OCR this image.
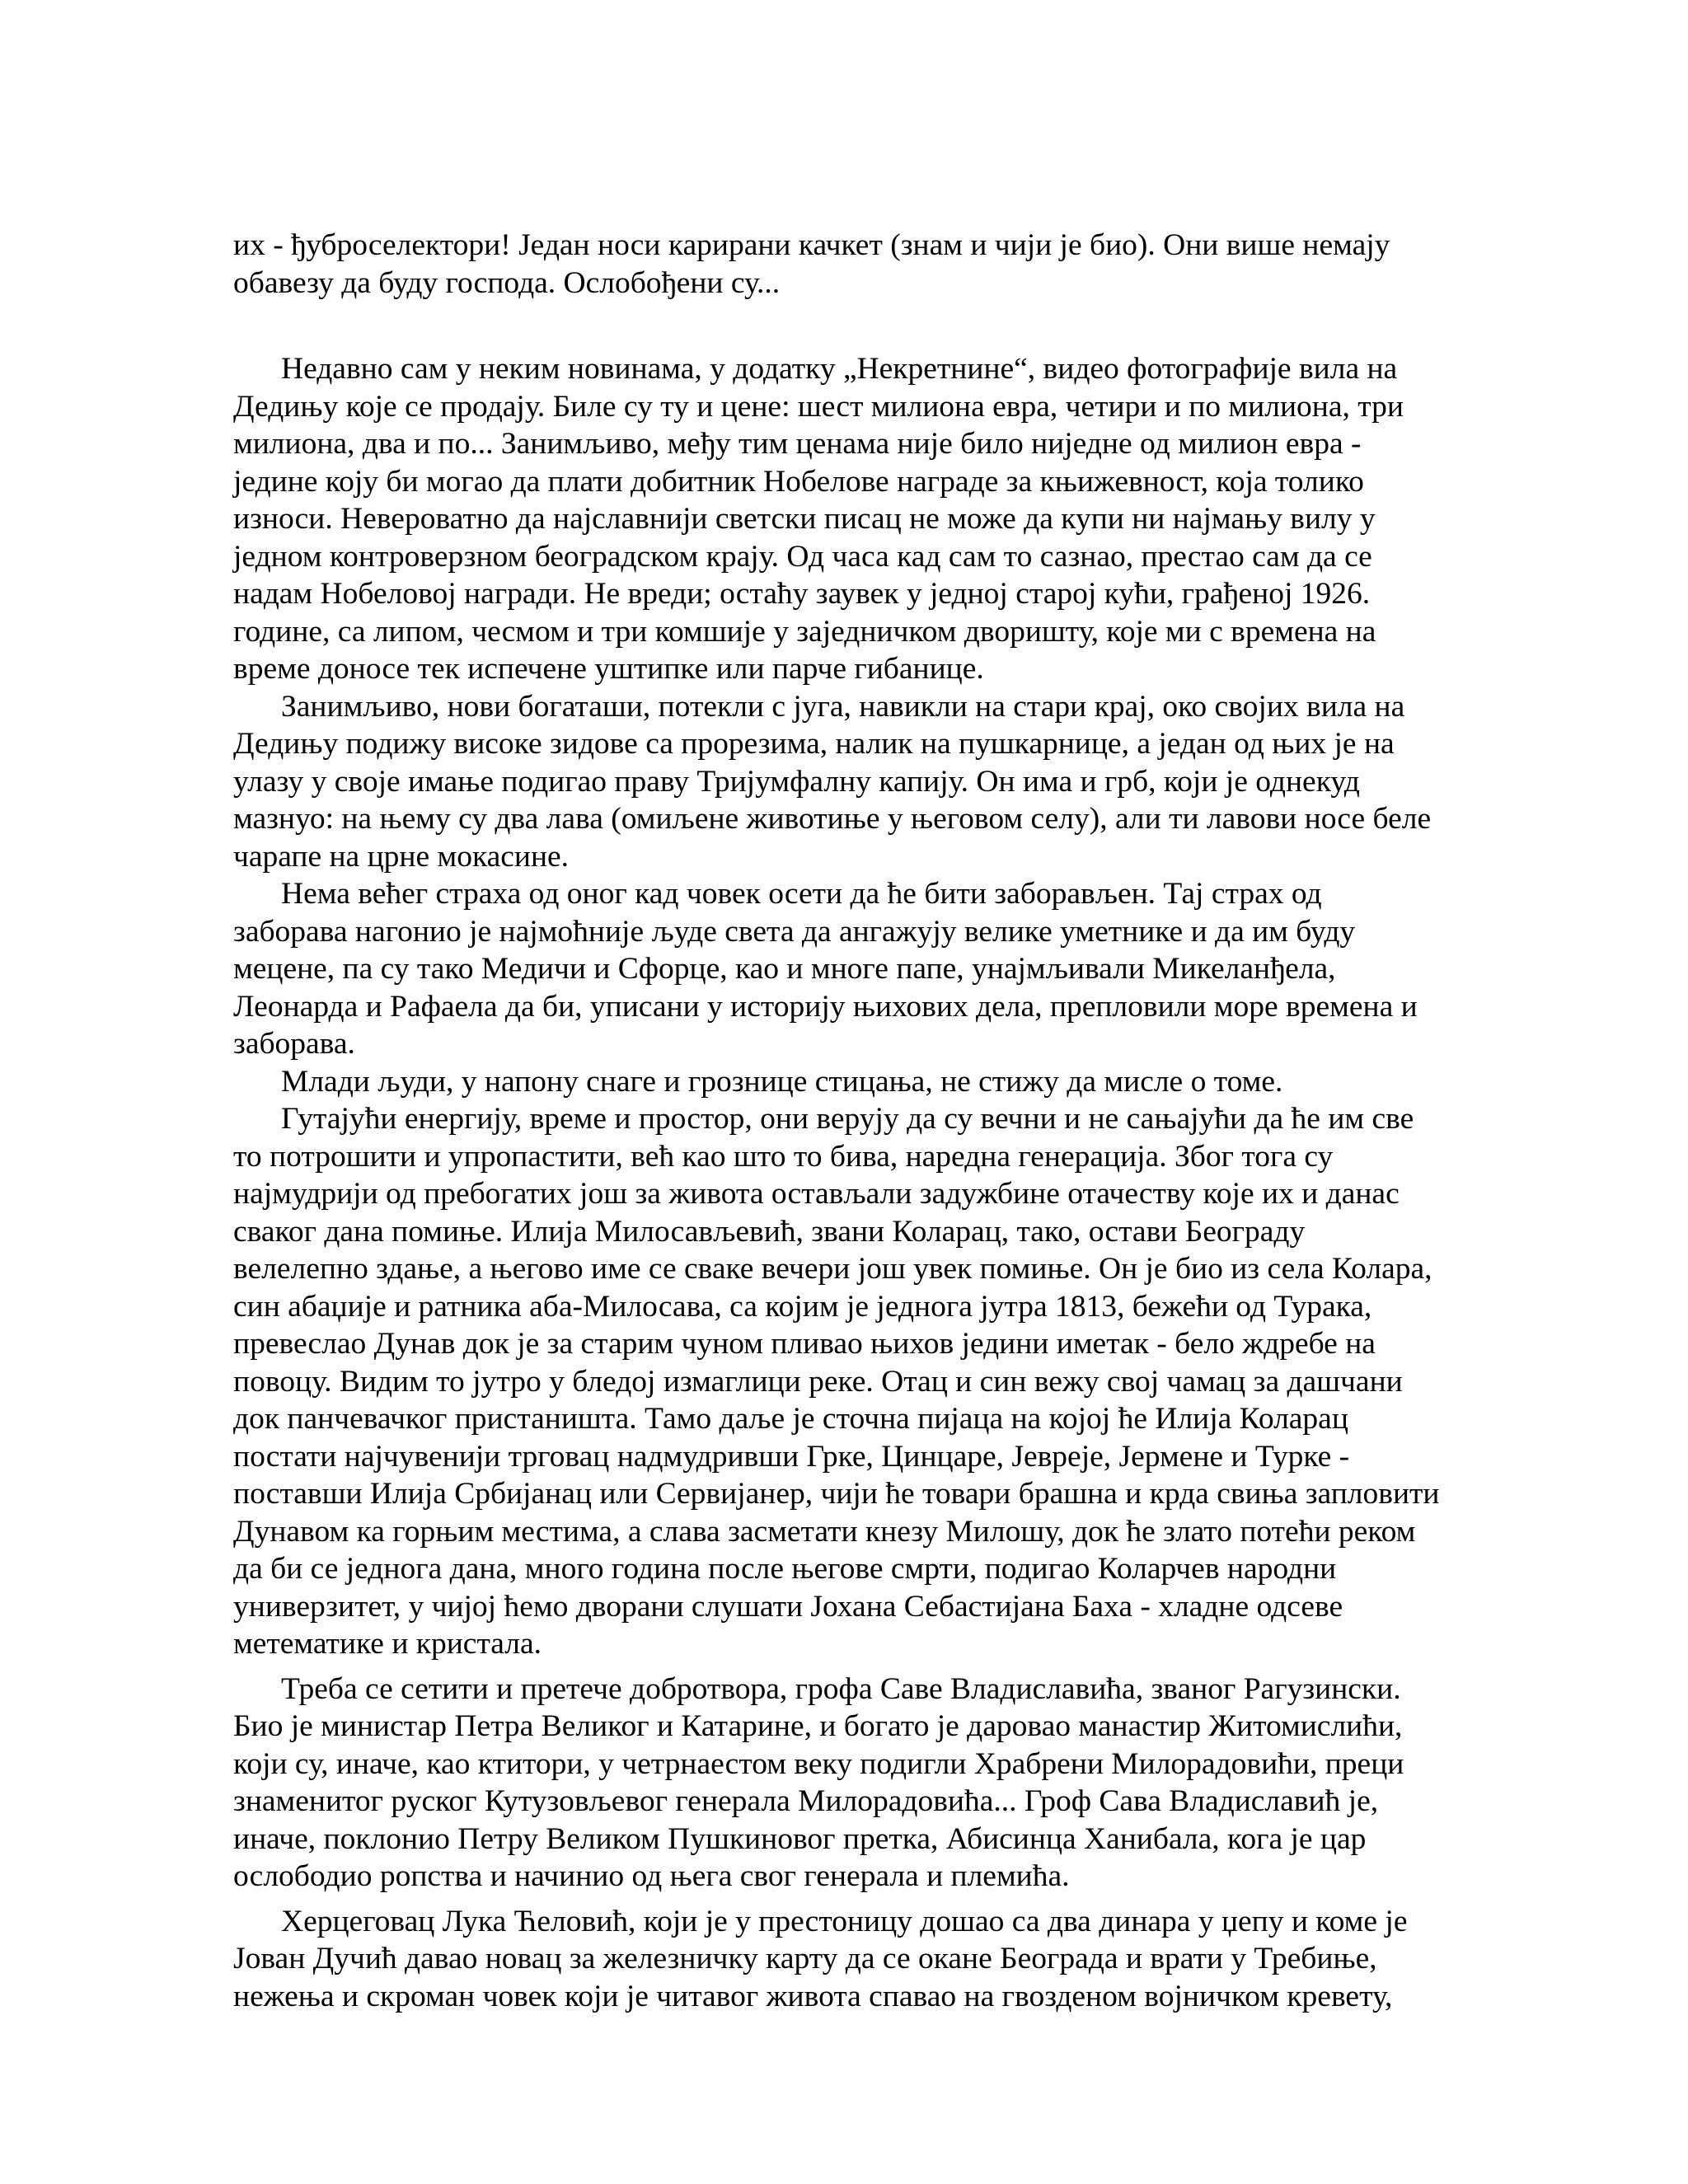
их - ђуброселектори! Један носи карирани качкет (знам и чији је био). Они више немају
обавезу да буду господа. Ослобођени су...

Недавно сам у неким новинама, у додатку „Некретнине“, видео фотографије вила на
Дедињу које се продају. Биле су ту и цене: шест милиона евра, четири и по милиона, три
милиона, два и по... Занимљиво, међу тим ценама није било ниједне од милион евра -
једине коју би могао да плати добитник Нобелове награде за књижевност, која толико
износи. Невероватно да најславнији светски писац не може да купи ни најмању вилу у
једном контроверзном београдском крају. Од часа кад сам то сазнао, престао сам да се
надам Нобеловој награди. Не вреди; остаћу заувек у једној старој кући, грађеној 1926.
године, са липом, чесмом и три комшије у заједничком дворишту, које ми с времена на
време доносе тек испечене уштипке или парче гибанице.

Занимљиво, нови богаташи, потекли с југа, навикли на стари крај, око својих вила на
Дедињу подижу високе зидове са прорезима, налик на пушкарнице, а један од њих је на
улазу у своје имање подигао праву Тријумфалну капију. Он има и грб, који је однекуд
мазнуо: на њему су два лава (омиљене животиње у његовом селу), али ти лавови носе беле
чарапе на црне мокасине.

Нема већег страха од оног кад човек осети да ће бити заборављен. Тај страх од
заборава нагонио је најмоћније људе света да ангажују велике уметнике и да им буду
мецене, па су тако Медичи и Сфорце, као и многе папе, унајмљивали Микеланђела,
Леонарда и Рафаела да би, уписани у историју њихових дела, препловили море времена и
заборава.

Млади људи, у напону снаге и грознице стицања, не стижу да мисле о томе.

Гутајући енергију, време и простор, они верују да су вечни и не сањајући да ће им све
то потрошити и упропастити, већ као што то бива, наредна генерација. Због тога су
најмудрији од пребогатих још за живота остављали задужбине отачеству које их и данас
сваког дана помиње. Илија Милосављевић, звани Коларац, тако, остави Београду
велелепно здање, а његово име се сваке вечери још увек помиње. Он је био из села Колара,
син абаџије и ратника аба-Милосава, са којим је једнога јутра 1813, бежећи од Турака,
превеслао Дунав док је за старим чуном пливао њихов једини иметак - бело ждребе на
повоцу. Видим то јутро у бледој измаглици реке. Отац и син вежу свој чамац за дашчани
док панчевачког пристаништа. Тамо даље је сточна пијаца на којој ће Илија Коларац
постати најчувенији трговац надмудривши Грке, Цинцаре, Јевреје, Јермене и Турке -
поставши Илија Србијанац или Сервијанер, чији ће товари брашна и крда свиња запловити
Дунавом ка горњим местима, а слава засметати кнезу Милошу, док ће злато потећи реком
да би се једнога дана, много година после његове смрти, подигао Коларчев народни
универзитет, у чијој ћемо дворани слушати Јохана Себастијана Баха - хладне одсеве
метематике и кристала.

Треба се сетити и претече добротвора, грофа Саве Владиславића, званог Рагузински.
Био је министар Петра Великог и Катарине, и богато је даровао манастир Житомислићи,
који су, иначе, као ктитори, у четрнаестом веку подигли Храбрени Милорадовићи, преци
знаменитог руског Кутузовљевог генерала Милорадовића... Гроф Сава Владиславић је,
иначе, поклонио Петру Великом Пушкиновог претка, Абисинца Ханибала, кога је цар
ослободио ропства и начинио од њега свог генерала и племића.

Херцеговац Лука Ћеловић, који је у престоницу дошао са два динара у џепу и коме је
Јован Дучић давао новац за железничку карту да се окане Београда и врати у Требиње,
нежења и скроман човек који је читавог живота спавао на гвозденом војничком кревету,
